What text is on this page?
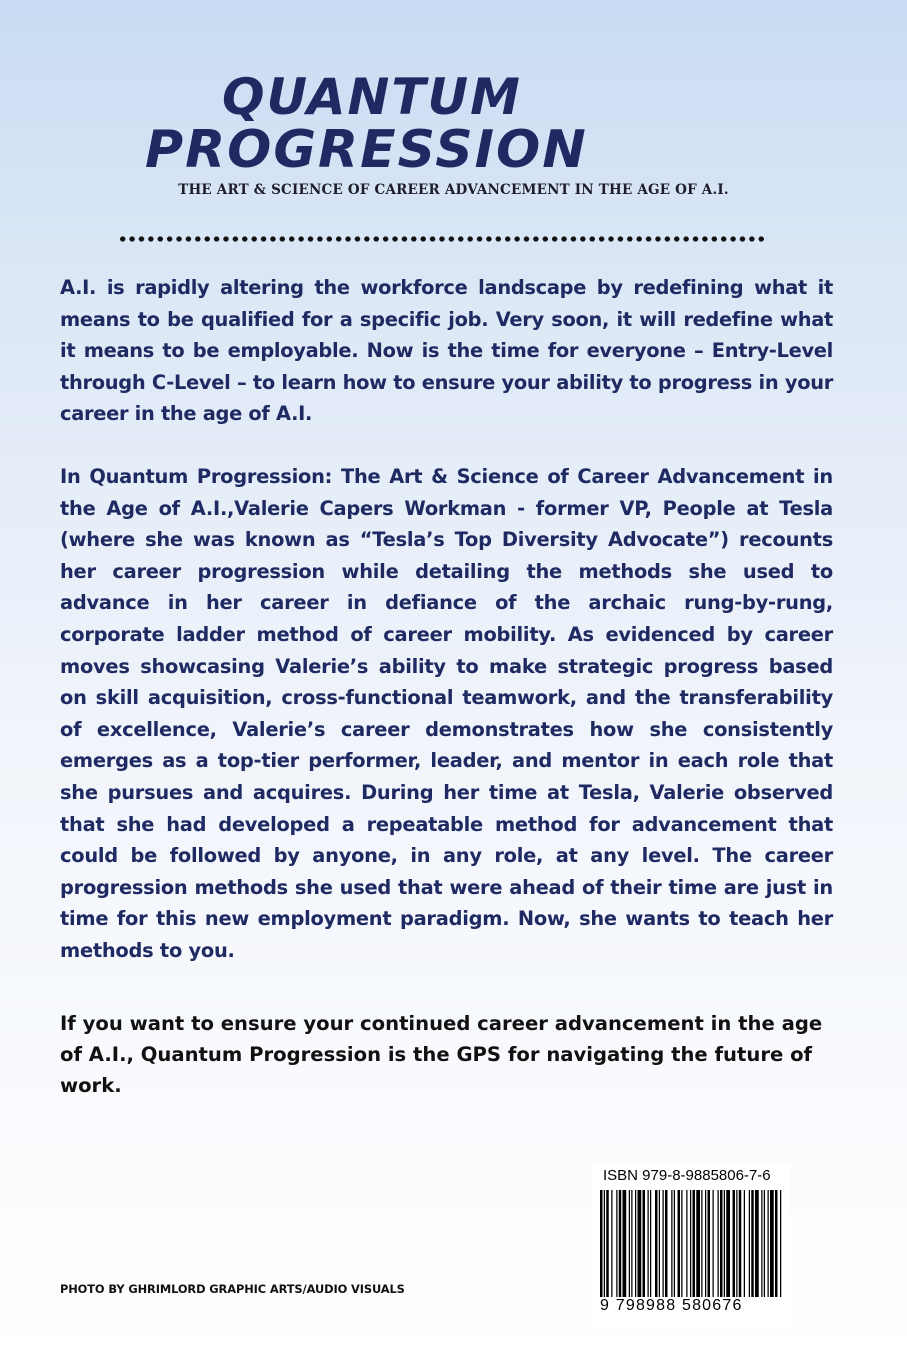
QUANTUM
PROGRESSION
THE ART & SCIENCE OF CAREER ADVANCEMENT IN THE AGE OF A.I.

A.I. is rapidly altering the workforce landscape by redefining what it means to be qualified for a specific job. Very soon, it will redefine what it means to be employable. Now is the time for everyone – Entry-Level through C-Level – to learn how to ensure your ability to progress in your career in the age of A.I.

In Quantum Progression: The Art & Science of Career Advancement in the Age of A.I.,Valerie Capers Workman - former VP, People at Tesla (where she was known as “Tesla’s Top Diversity Advocate”) recounts her career progression while detailing the methods she used to advance in her career in defiance of the archaic rung-by-rung, corporate ladder method of career mobility. As evidenced by career moves showcasing Valerie’s ability to make strategic progress based on skill acquisition, cross-functional teamwork, and the transferability of excellence, Valerie’s career demonstrates how she consistently emerges as a top-tier performer, leader, and mentor in each role that she pursues and acquires. During her time at Tesla, Valerie observed that she had developed a repeatable method for advancement that could be followed by anyone, in any role, at any level. The career progression methods she used that were ahead of their time are just in time for this new employment paradigm. Now, she wants to teach her methods to you.

If you want to ensure your continued career advancement in the age of A.I., Quantum Progression is the GPS for navigating the future of work.

ISBN 979-8-9885806-7-6
9 798988 580676
PHOTO BY GHRIMLORD GRAPHIC ARTS/AUDIO VISUALS
